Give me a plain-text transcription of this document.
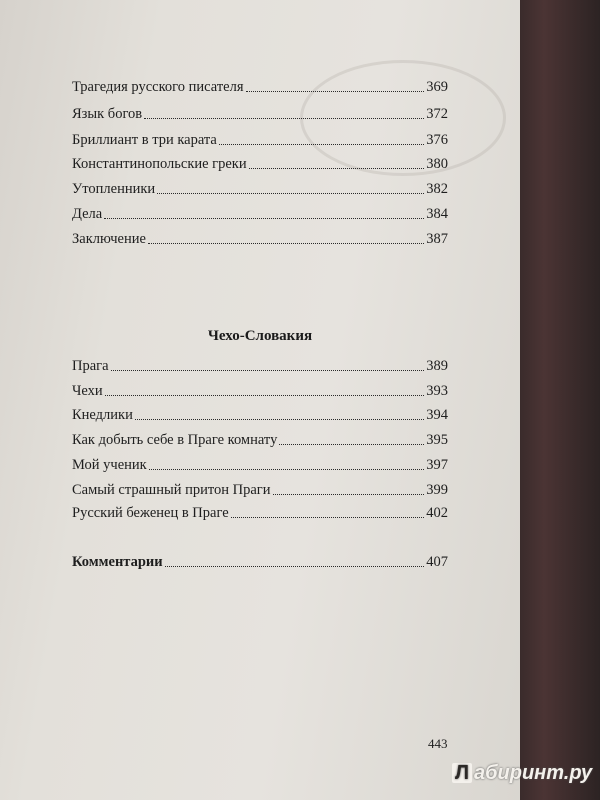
Трагедия русского писателя	369
Язык богов	372
Бриллиант в три карата	376
Константинопольские греки	380
Утопленники	382
Дела	384
Заключение	387
Чехо-Словакия
Прага	389
Чехи	393
Кнедлики	394
Как добыть себе в Праге комнату	395
Мой ученик	397
Самый страшный притон Праги	399
Русский беженец в Праге	402
Комментарии	407
443
Л абиринт.ру
